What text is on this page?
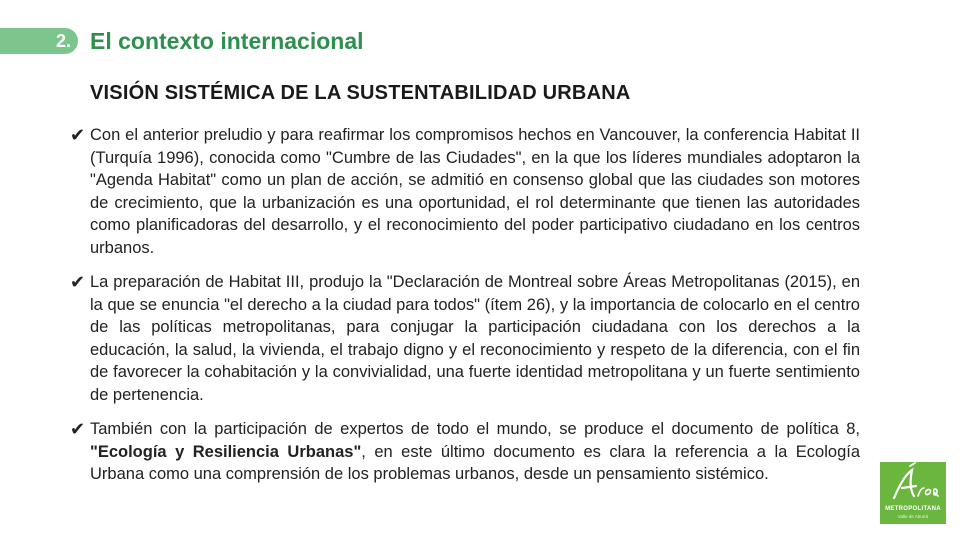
2. El contexto internacional
VISIÓN SISTÉMICA DE LA SUSTENTABILIDAD URBANA
✔ Con el anterior preludio y para reafirmar los compromisos hechos en Vancouver, la conferencia Habitat II (Turquía 1996), conocida como "Cumbre de las Ciudades", en la que los líderes mundiales adoptaron la "Agenda Habitat" como un plan de acción, se admitió en consenso global que las ciudades son motores de crecimiento, que la urbanización es una oportunidad, el rol determinante que tienen las autoridades como planificadoras del desarrollo, y el reconocimiento del poder participativo ciudadano en los centros urbanos.
✔ La preparación de Habitat III, produjo la "Declaración de Montreal sobre Áreas Metropolitanas (2015), en la que se enuncia "el derecho a la ciudad para todos" (ítem 26), y la importancia de colocarlo en el centro de las políticas metropolitanas, para conjugar la participación ciudadana con los derechos a la educación, la salud, la vivienda, el trabajo digno y el reconocimiento y respeto de la diferencia, con el fin de favorecer la cohabitación y la convivialidad, una fuerte identidad metropolitana y un fuerte sentimiento de pertenencia.
✔ También con la participación de expertos de todo el mundo, se produce el documento de política 8, "Ecología y Resiliencia Urbanas", en este último documento es clara la referencia a la Ecología Urbana como una comprensión de los problemas urbanos, desde un pensamiento sistémico.
METROPOLITANA
Valle de Aburrá
